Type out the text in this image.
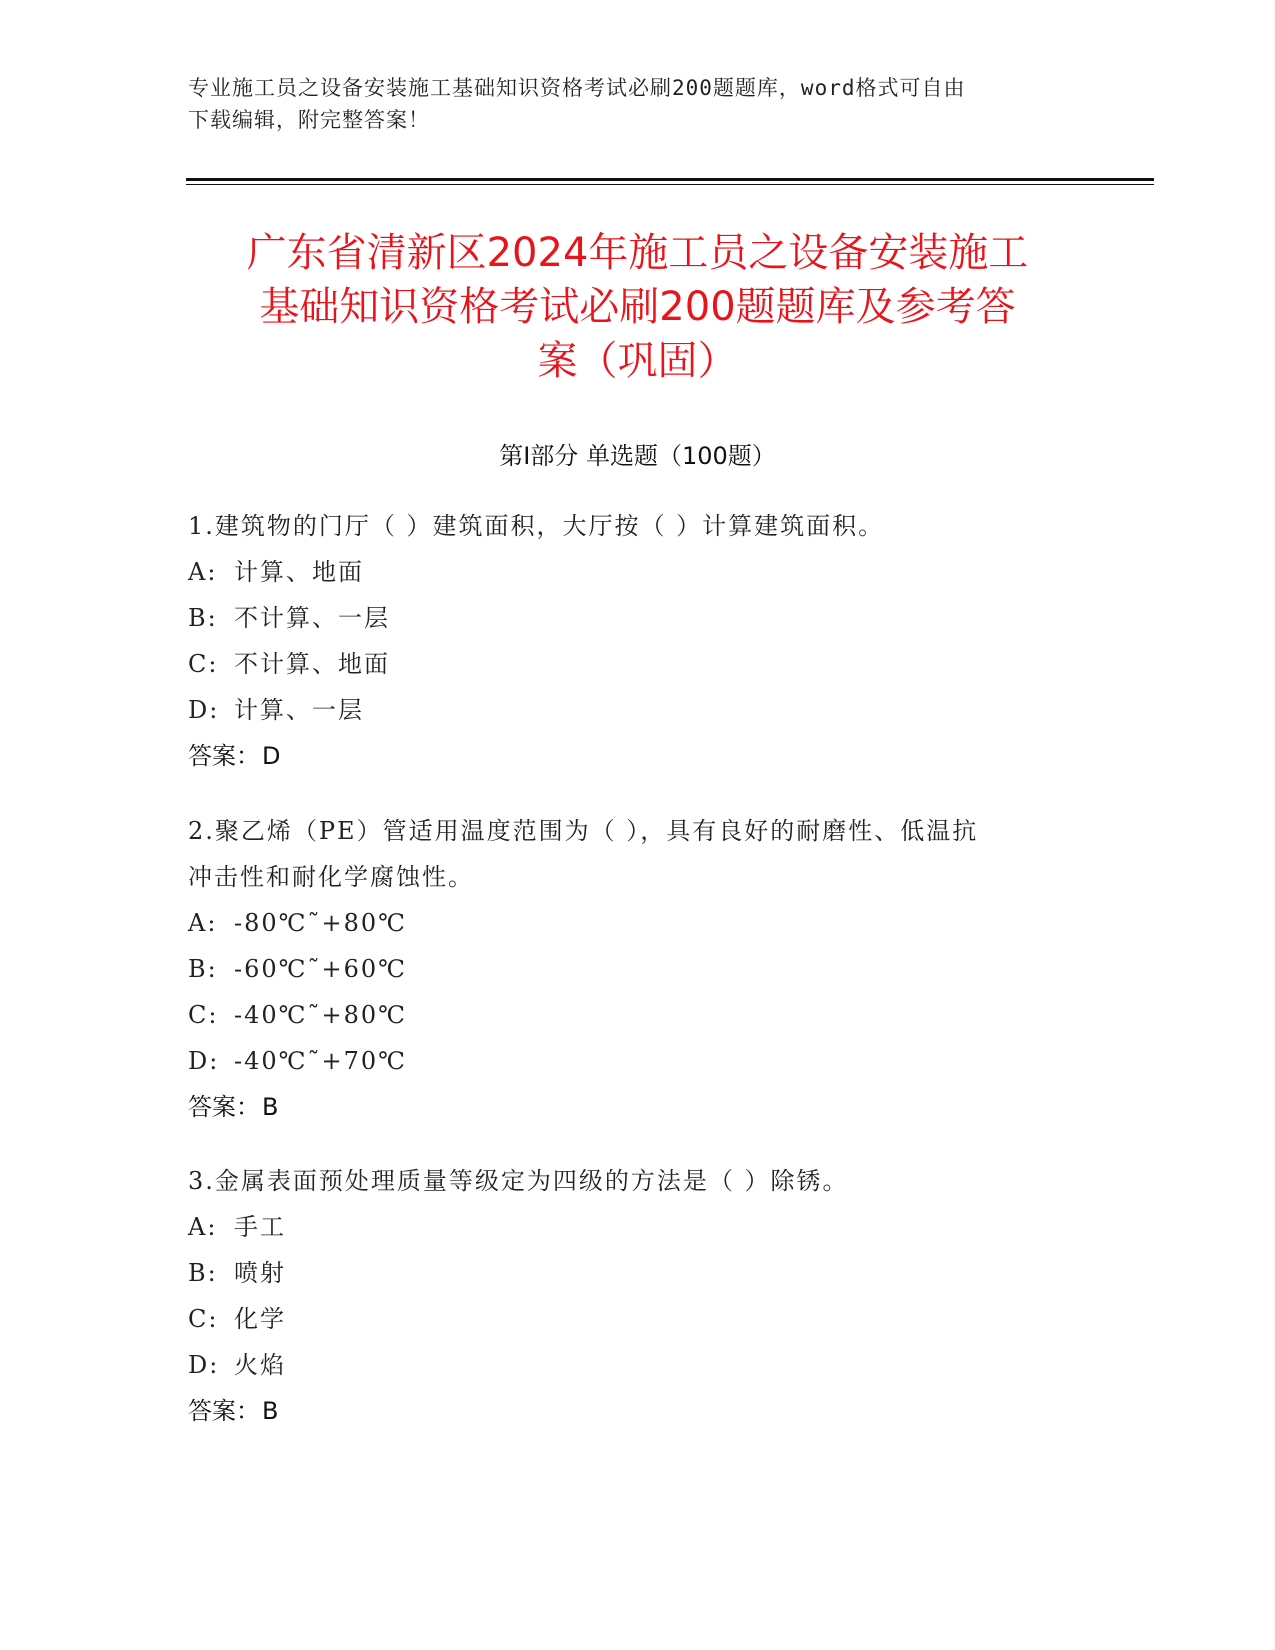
专业施工员之设备安装施工基础知识资格考试必刷200题题库，word格式可自由
下载编辑，附完整答案！
广东省清新区2024年施工员之设备安装施工
基础知识资格考试必刷200题题库及参考答
案（巩固）
第Ⅰ部分 单选题（100题）

1.建筑物的门厅（ ）建筑面积，大厅按（ ）计算建筑面积。

A: 计算、地面

B: 不计算、一层

C: 不计算、地面

D: 计算、一层

答案：D

2.聚乙烯（PE）管适用温度范围为（ ），具有良好的耐磨性、低温抗

冲击性和耐化学腐蚀性。

A: -80℃˜+80℃

B: -60℃˜+60℃

C: -40℃˜+80℃

D: -40℃˜+70℃

答案：B

3.金属表面预处理质量等级定为四级的方法是（ ）除锈。

A: 手工

B: 喷射

C: 化学

D: 火焰

答案：B
